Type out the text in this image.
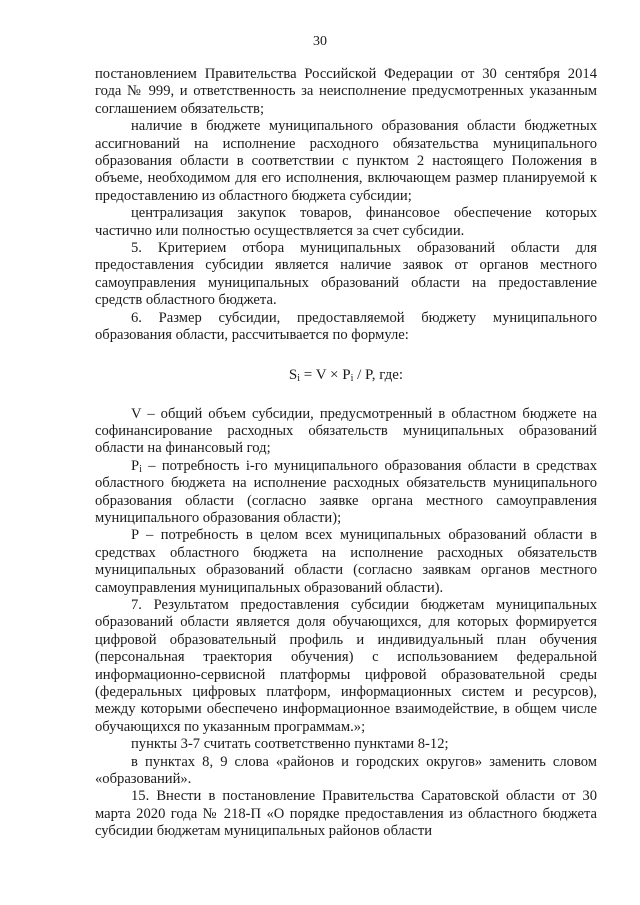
30

постановлением Правительства Российской Федерации от 30 сентября 2014 года № 999, и ответственность за неисполнение предусмотренных указанным соглашением обязательств;

наличие в бюджете муниципального образования области бюджетных ассигнований на исполнение расходного обязательства муниципального образования области в соответствии с пунктом 2 настоящего Положения в объеме, необходимом для его исполнения, включающем размер планируемой к предоставлению из областного бюджета субсидии;

централизация закупок товаров, финансовое обеспечение которых частично или полностью осуществляется за счет субсидии.

5. Критерием отбора муниципальных образований области для предоставления субсидии является наличие заявок от органов местного самоуправления муниципальных образований области на предоставление средств областного бюджета.

6. Размер субсидии, предоставляемой бюджету муниципального образования области, рассчитывается по формуле:

$S_i = V \times P_i / P$, где:

V – общий объем субсидии, предусмотренный в областном бюджете на софинансирование расходных обязательств муниципальных образований области на финансовый год;

$P_i$ – потребность i-го муниципального образования области в средствах областного бюджета на исполнение расходных обязательств муниципального образования области (согласно заявке органа местного самоуправления муниципального образования области);

P – потребность в целом всех муниципальных образований области в средствах областного бюджета на исполнение расходных обязательств муниципальных образований области (согласно заявкам органов местного самоуправления муниципальных образований области).

7. Результатом предоставления субсидии бюджетам муниципальных образований области является доля обучающихся, для которых формируется цифровой образовательный профиль и индивидуальный план обучения (персональная траектория обучения) с использованием федеральной информационно-сервисной платформы цифровой образовательной среды (федеральных цифровых платформ, информационных систем и ресурсов), между которыми обеспечено информационное взаимодействие, в общем числе обучающихся по указанным программам.»;

пункты 3-7 считать соответственно пунктами 8-12;

в пунктах 8, 9 слова «районов и городских округов» заменить словом «образований».

15. Внести в постановление Правительства Саратовской области от 30 марта 2020 года № 218-П «О порядке предоставления из областного бюджета субсидии бюджетам муниципальных районов области
